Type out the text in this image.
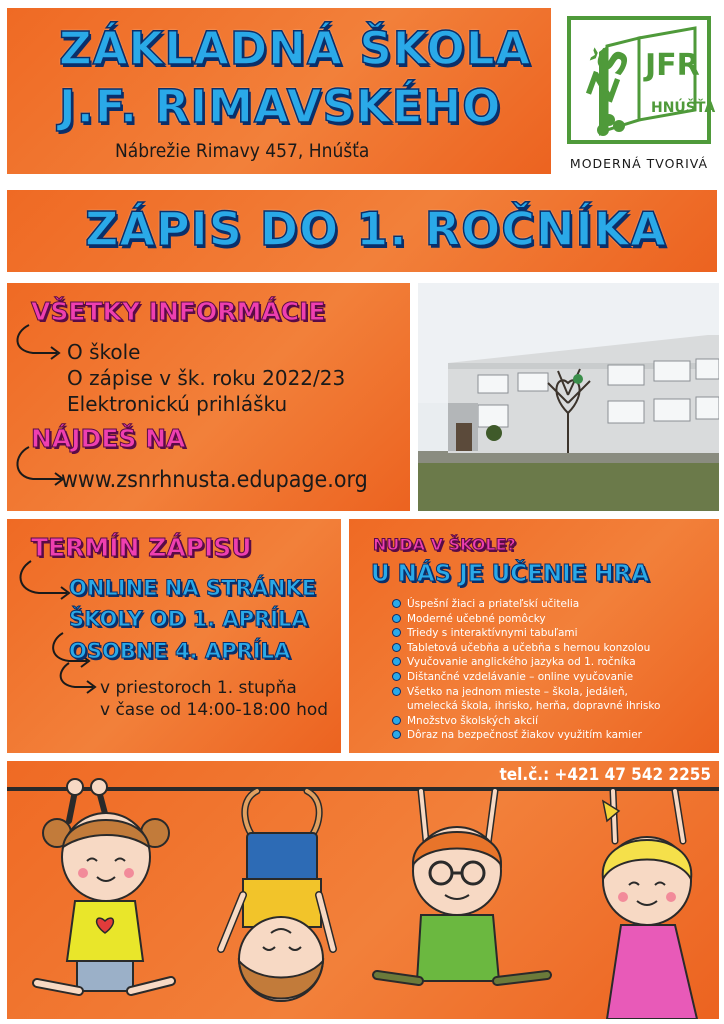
ZÁKLADNÁ ŠKOLA
J.F. RIMAVSKÉHO
Nábrežie Rimavy 457, Hnúšťa
ZŠ JFR
HNÚŠŤA
MODERNÁ TVORIVÁ
ZÁPIS DO 1. ROČNÍKA
VŠETKY INFORMÁCIE
O škole
O zápise v šk. roku 2022/23
Elektronickú prihlášku
NÁJDEŠ NA
www.zsnrhnusta.edupage.org
TERMÍN ZÁPISU
ONLINE NA STRÁNKE
ŠKOLY OD 1. APRÍLA
OSOBNE 4. APRÍLA
v priestoroch 1. stupňa
v čase od 14:00-18:00 hod
NUDA V ŠKOLE?
U NÁS JE UČENIE HRA
Úspešní žiaci a priateľskí učitelia
Moderné učebné pomôcky
Triedy s interaktívnymi tabuľami
Tabletová učebňa a učebňa s hernou konzolou
Vyučovanie anglického jazyka od 1. ročníka
Dištančné vzdelávanie – online vyučovanie
Všetko na jednom mieste – škola, jedáleň,
umelecká škola, ihrisko, herňa, dopravné ihrisko
Množstvo školských akcií
Dôraz na bezpečnosť žiakov využitím kamier
tel.č.: +421 47 542 2255
